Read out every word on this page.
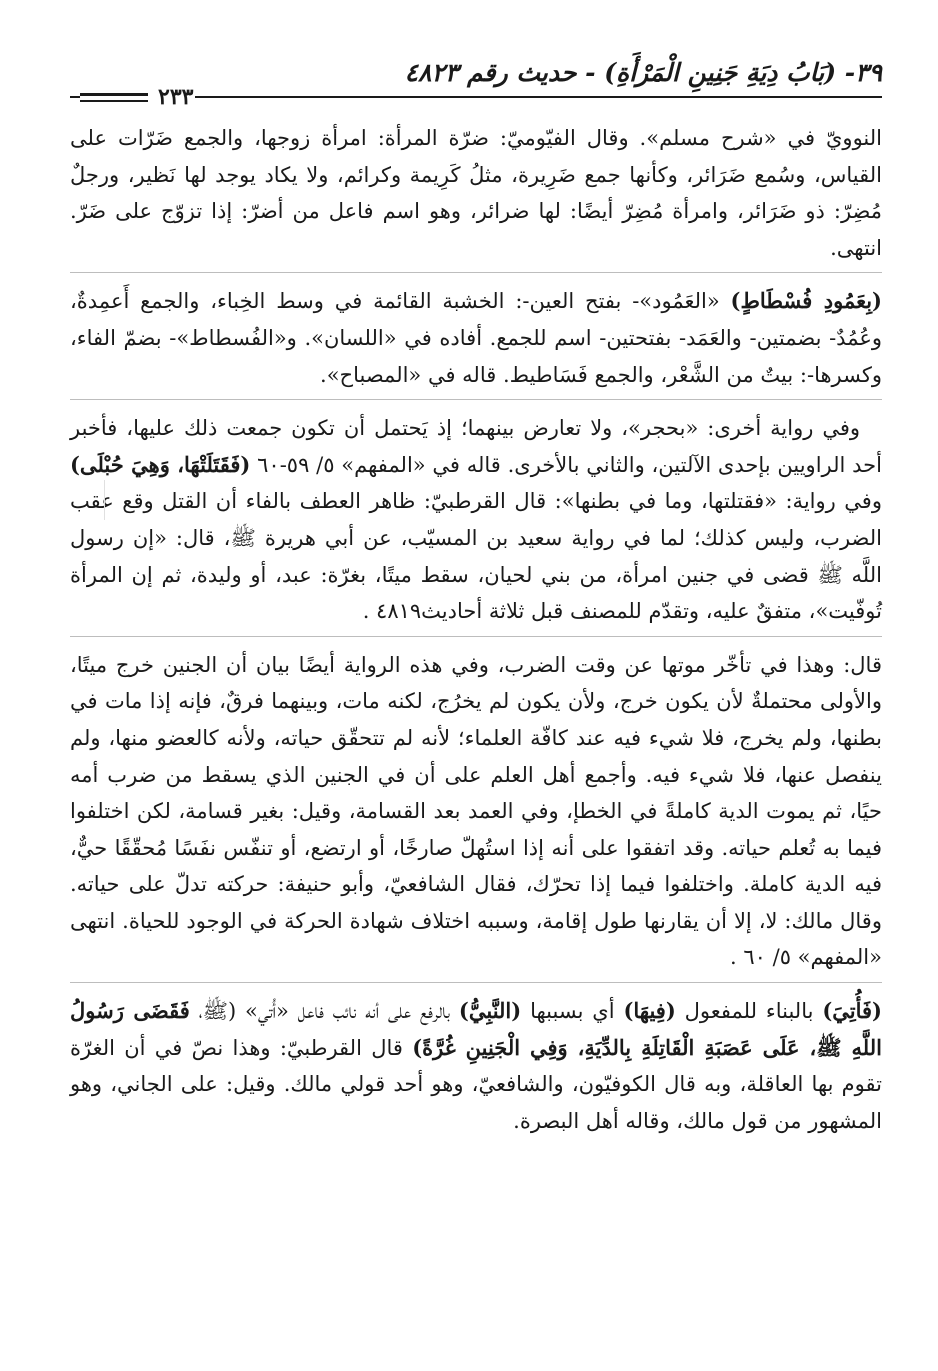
٣٩- (بَابُ دِيَةِ جَنِينِ الْمَرْأَةِ) - حديث رقم ٤٨٢٣
٢٣٣

النوويّ في «شرح مسلم». وقال الفيّوميّ: ضرّة المرأة: امرأة زوجها، والجمع ضَرّات على القياس، وسُمع ضَرَائر، وكأنها جمع ضَرِيرة، مثلُ كَرِيمة وكرائم، ولا يكاد يوجد لها نَظير، ورجلٌ مُضِرّ: ذو ضَرَائر، وامرأة مُضِرّ أيضًا: لها ضرائر، وهو اسم فاعل من أضرّ: إذا تزوّج على ضَرّ. انتهى.

(بِعَمُودِ فُسْطَاطٍ) «العَمُود»- بفتح العين-: الخشبة القائمة في وسط الخِباء، والجمع أَعمِدةٌ، وعُمُدٌ- بضمتين- والعَمَد- بفتحتين- اسم للجمع. أفاده في «اللسان». و«الفُسطاط»- بضمّ الفاء، وكسرها-: بيتٌ من الشَّعْر، والجمع فَسَاطيط. قاله في «المصباح».

وفي رواية أخرى: «بحجر»، ولا تعارض بينهما؛ إذ يَحتمل أن تكون جمعت ذلك عليها، فأخبر أحد الراويين بإحدى الآلتين، والثاني بالأخرى. قاله في «المفهم» ٥/ ٥٩-٦٠ (فَقَتَلَتْهَا، وَهِيَ حُبْلَى) وفي رواية: «فقتلتها، وما في بطنها»: قال القرطبيّ: ظاهر العطف بالفاء أن القتل وقع عقب الضرب، وليس كذلك؛ لما في رواية سعيد بن المسيّب، عن أبي هريرة ﷺ، قال: «إن رسول اللَّه ﷺ قضى في جنين امرأة، من بني لحيان، سقط ميتًا، بغرّة: عبد، أو وليدة، ثم إن المرأة تُوفّيت»، متفقٌ عليه، وتقدّم للمصنف قبل ثلاثة أحاديث٤٨١٩ .

قال: وهذا في تأخّر موتها عن وقت الضرب، وفي هذه الرواية أيضًا بيان أن الجنين خرج ميتًا، والأولى محتملةٌ لأن يكون خرج، ولأن يكون لم يخرُج، لكنه مات، وبينهما فرقٌ، فإنه إذا مات في بطنها، ولم يخرج، فلا شيء فيه عند كافّة العلماء؛ لأنه لم تتحقّق حياته، ولأنه كالعضو منها، ولم ينفصل عنها، فلا شيء فيه. وأجمع أهل العلم على أن في الجنين الذي يسقط من ضرب أمه حيًا، ثم يموت الدية كاملةً في الخطإ، وفي العمد بعد القسامة، وقيل: بغير قسامة، لكن اختلفوا فيما به تُعلم حياته. وقد اتفقوا على أنه إذا استُهلّ صارخًا، أو ارتضع، أو تنفّس نفَسًا مُحقّقًا حيٌّ، فيه الدية كاملة. واختلفوا فيما إذا تحرّك، فقال الشافعيّ، وأبو حنيفة: حركته تدلّ على حياته. وقال مالك: لا، إلا أن يقارنها طول إقامة، وسببه اختلاف شهادة الحركة في الوجود للحياة. انتهى «المفهم» ٥/ ٦٠ .

(فَأُتِيَ) بالبناء للمفعول (فِيهَا) أي بسببها (النَّبِيُّ) بالرفع على أنه نائب فاعل «أُتي» (ﷺ، فَقَضَى رَسُولُ اللَّهِ ﷺ، عَلَى عَصَبَةِ الْقَاتِلَةِ بِالدِّيَةِ، وَفِي الْجَنِينِ غُرَّةً) قال القرطبيّ: وهذا نصّ في أن الغرّة تقوم بها العاقلة، وبه قال الكوفيّون، والشافعيّ، وهو أحد قولي مالك. وقيل: على الجاني، وهو المشهور من قول مالك، وقاله أهل البصرة.
